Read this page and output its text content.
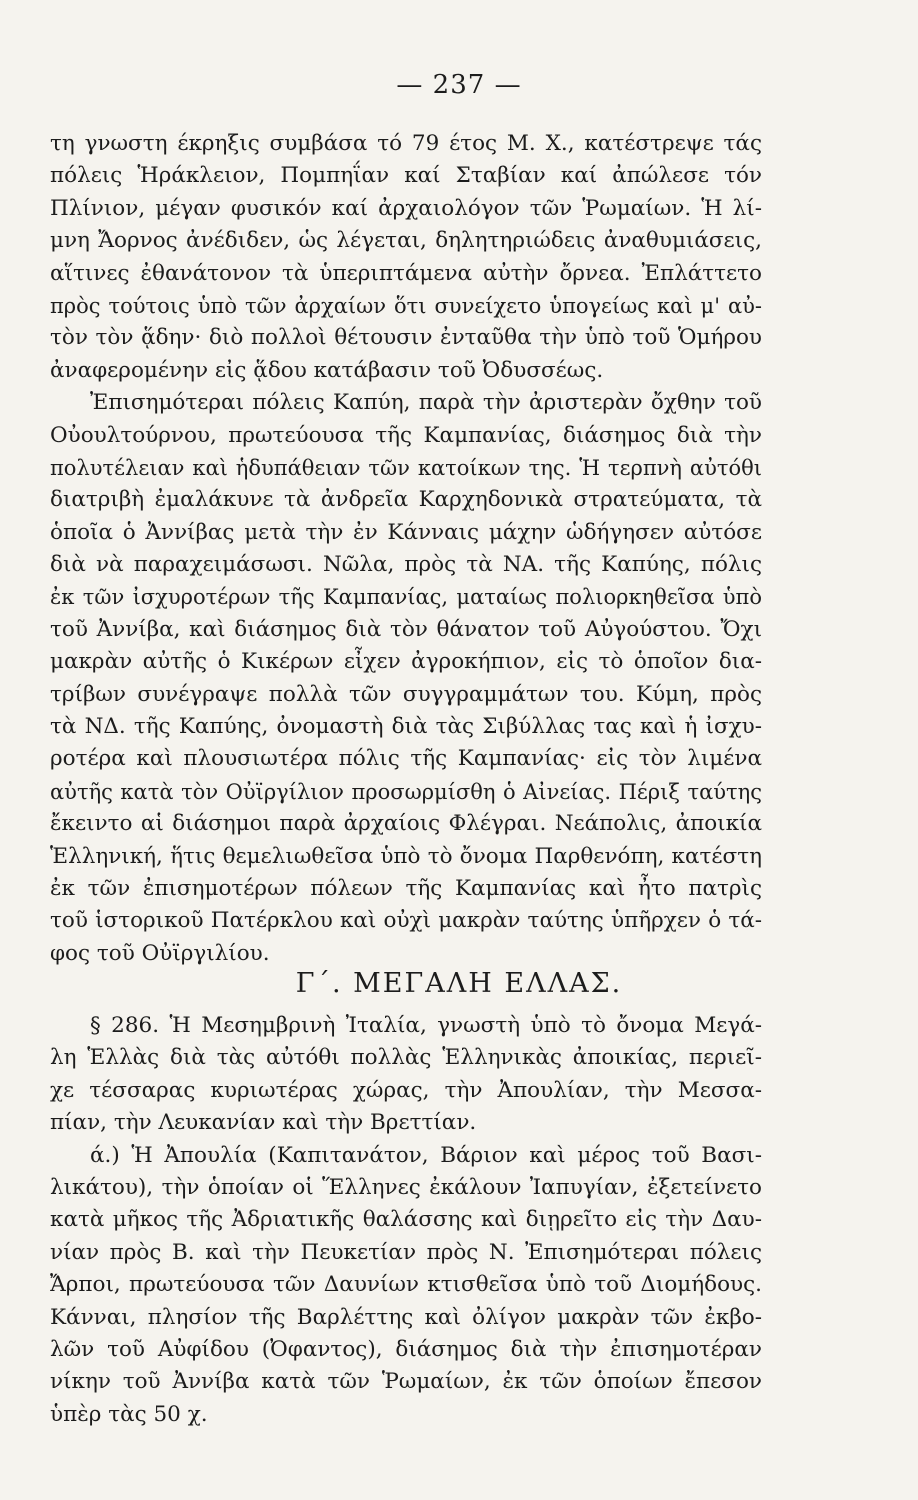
— 237 —
τη γνωστη έκρηξις συμβάσα τό 79 έτος Μ. Χ., κατέστρεψε τάς
πόλεις Ἡράκλειον, Πομπηΐαν καί Σταβίαν καί ἀπώλεσε τόν
Πλίνιον, μέγαν φυσικόν καί ἀρχαιολόγον τῶν Ῥωμαίων. Ἡ λί-
μνη Ἄορνος ἀνέδιδεν, ὡς λέγεται, δηλητηριώδεις ἀναθυμιάσεις,
αἵτινες ἐθανάτονον τὰ ὑπεριπτάμενα αὐτὴν ὄρνεα. Ἐπλάττετο
πρὸς τούτοις ὑπὸ τῶν ἀρχαίων ὅτι συνείχετο ὑπογείως καὶ μ' αὐ-
τὸν τὸν ᾅδην· διὸ πολλοὶ θέτουσιν ἐνταῦθα τὴν ὑπὸ τοῦ Ὁμήρου
ἀναφερομένην εἰς ᾅδου κατάβασιν τοῦ Ὀδυσσέως.
Ἐπισημότεραι πόλεις Καπύη, παρὰ τὴν ἀριστερὰν ὄχθην τοῦ
Οὐουλτούρνου, πρωτεύουσα τῆς Καμπανίας, διάσημος διὰ τὴν
πολυτέλειαν καὶ ἡδυπάθειαν τῶν κατοίκων της. Ἡ τερπνὴ αὐτόθι
διατριβὴ ἐμαλάκυνε τὰ ἀνδρεῖα Καρχηδονικὰ στρατεύματα, τὰ
ὁποῖα ὁ Ἀννίβας μετὰ τὴν ἐν Κάνναις μάχην ὡδήγησεν αὐτόσε
διὰ νὰ παραχειμάσωσι. Νῶλα, πρὸς τὰ ΝΑ. τῆς Καπύης, πόλις
ἐκ τῶν ἰσχυροτέρων τῆς Καμπανίας, ματαίως πολιορκηθεῖσα ὑπὸ
τοῦ Ἀννίβα, καὶ διάσημος διὰ τὸν θάνατον τοῦ Αὐγούστου. Ὄχι
μακρὰν αὐτῆς ὁ Κικέρων εἶχεν ἀγροκήπιον, εἰς τὸ ὁποῖον δια-
τρίβων συνέγραψε πολλὰ τῶν συγγραμμάτων του. Κύμη, πρὸς
τὰ ΝΔ. τῆς Καπύης, ὀνομαστὴ διὰ τὰς Σιβύλλας τας καὶ ἡ ἰσχυ-
ροτέρα καὶ πλουσιωτέρα πόλις τῆς Καμπανίας· εἰς τὸν λιμένα
αὐτῆς κατὰ τὸν Οὐϊργίλιον προσωρμίσθη ὁ Αἰνείας. Πέριξ ταύτης
ἔκειντο αἱ διάσημοι παρὰ ἀρχαίοις Φλέγραι. Νεάπολις, ἀποικία
Ἑλληνική, ἥτις θεμελιωθεῖσα ὑπὸ τὸ ὄνομα Παρθενόπη, κατέστη
ἐκ τῶν ἐπισημοτέρων πόλεων τῆς Καμπανίας καὶ ἦτο πατρὶς
τοῦ ἱστορικοῦ Πατέρκλου καὶ οὐχὶ μακρὰν ταύτης ὑπῆρχεν ὁ τά-
φος τοῦ Οὐϊργιλίου.
Γ΄. ΜΕΓΑΛΗ ΕΛΛΑΣ.
§ 286. Ἡ Μεσημβρινὴ Ἰταλία, γνωστὴ ὑπὸ τὸ ὄνομα Μεγά-
λη Ἑλλὰς διὰ τὰς αὐτόθι πολλὰς Ἑλληνικὰς ἀποικίας, περιεῖ-
χε τέσσαρας κυριωτέρας χώρας, τὴν Ἀπουλίαν, τὴν Μεσσα-
πίαν, τὴν Λευκανίαν καὶ τὴν Βρεττίαν.
ά.) Ἡ Ἀπουλία (Καπιτανάτον, Βάριον καὶ μέρος τοῦ Βασι-
λικάτου), τὴν ὁποίαν οἱ Ἕλληνες ἐκάλουν Ἰαπυγίαν, ἐξετείνετο
κατὰ μῆκος τῆς Ἀδριατικῆς θαλάσσης καὶ διῃρεῖτο εἰς τὴν Δαυ-
νίαν πρὸς Β. καὶ τὴν Πευκετίαν πρὸς Ν. Ἐπισημότεραι πόλεις
Ἄρποι, πρωτεύουσα τῶν Δαυνίων κτισθεῖσα ὑπὸ τοῦ Διομήδους.
Κάνναι, πλησίον τῆς Βαρλέττης καὶ ὀλίγον μακρὰν τῶν ἐκβο-
λῶν τοῦ Αὐφίδου (Ὀφαντος), διάσημος διὰ τὴν ἐπισημοτέραν
νίκην τοῦ Ἀννίβα κατὰ τῶν Ῥωμαίων, ἐκ τῶν ὁποίων ἔπεσον
ὑπὲρ τὰς 50 χ.
